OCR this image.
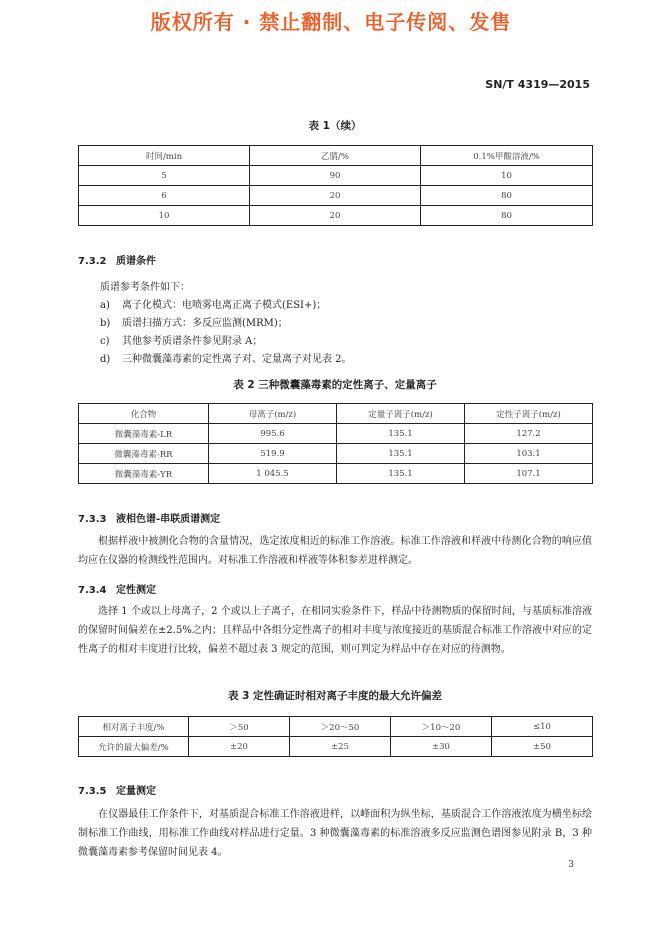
版权所有 · 禁止翻制、电子传阅、发售
SN/T 4319—2015
表 1（续）
时间/min	乙腈/%	0.1%甲酸溶液/%
5	90	10
6	20	80
10	20	80
7.3.2 质谱条件
质谱参考条件如下：
a) 离子化模式：电喷雾电离正离子模式(ESI+)；
b) 质谱扫描方式：多反应监测(MRM)；
c) 其他参考质谱条件参见附录 A；
d) 三种微囊藻毒素的定性离子对、定量离子对见表 2。
表 2 三种微囊藻毒素的定性离子、定量离子
化合物	母离子(m/z)	定量子离子(m/z)	定性子离子(m/z)
微囊藻毒素-LR	995.6	135.1	127.2
微囊藻毒素-RR	519.9	135.1	103.1
微囊藻毒素-YR	1 045.5	135.1	107.1
7.3.3 液相色谱-串联质谱测定
根据样液中被测化合物的含量情况，选定浓度相近的标准工作溶液。标准工作溶液和样液中待测化合物的响应值均应在仪器的检测线性范围内。对标准工作溶液和样液等体积参差进样测定。
7.3.4 定性测定
选择 1 个或以上母离子，2 个或以上子离子，在相同实验条件下，样品中待测物质的保留时间，与基质标准溶液的保留时间偏差在±2.5%之内；且样品中各组分定性离子的相对丰度与浓度接近的基质混合标准工作溶液中对应的定性离子的相对丰度进行比较，偏差不超过表 3 规定的范围，则可判定为样品中存在对应的待测物。
表 3 定性确证时相对离子丰度的最大允许偏差
相对离子丰度/%	＞50	＞20～50	＞10～20	≤10
允许的最大偏差/%	±20	±25	±30	±50
7.3.5 定量测定
在仪器最佳工作条件下，对基质混合标准工作溶液进样，以峰面积为纵坐标，基质混合工作溶液浓度为横坐标绘制标准工作曲线，用标准工作曲线对样品进行定量。3 种微囊藻毒素的标准溶液多反应监测色谱图参见附录 B，3 种微囊藻毒素参考保留时间见表 4。
3
